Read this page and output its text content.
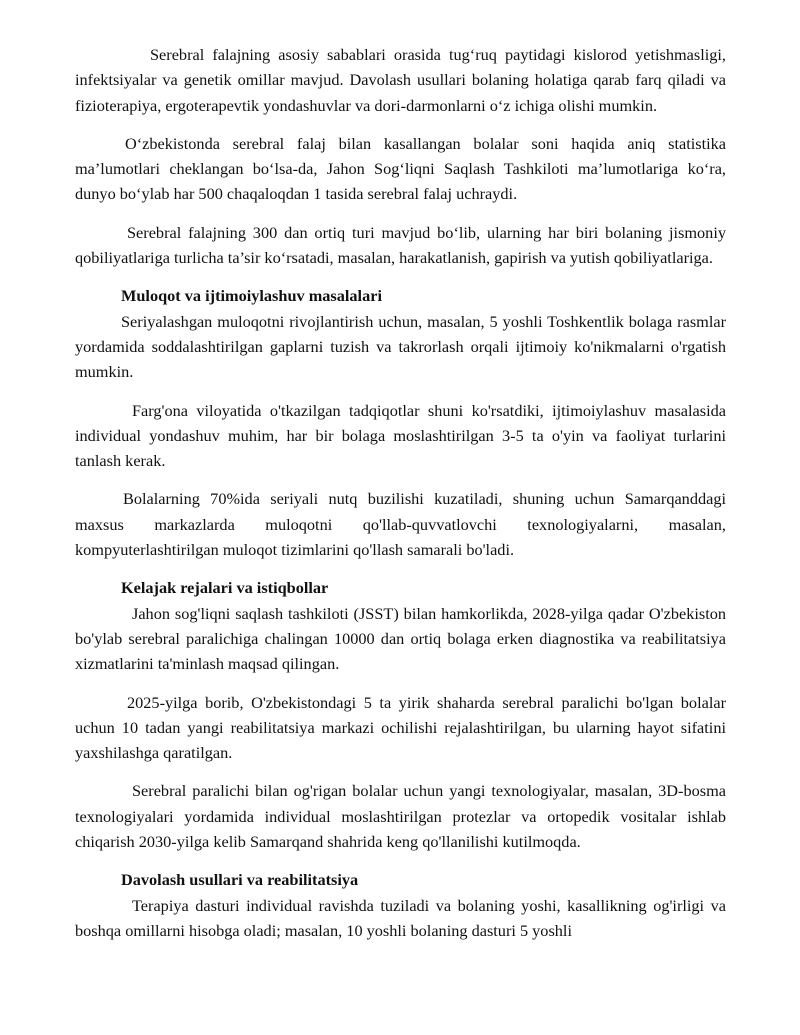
Serebral falajning asosiy sabablari orasida tug‘ruq paytidagi kislorod yetishmasligi, infektsiyalar va genetik omillar mavjud. Davolash usullari bolaning holatiga qarab farq qiladi va fizioterapiya, ergoterapevtik yondashuvlar va dori-darmonlarni o‘z ichiga olishi mumkin.

O‘zbekistonda serebral falaj bilan kasallangan bolalar soni haqida aniq statistika ma’lumotlari cheklangan bo‘lsa-da, Jahon Sog‘liqni Saqlash Tashkiloti ma’lumotlariga ko‘ra, dunyo bo‘ylab har 500 chaqaloqdan 1 tasida serebral falaj uchraydi.

Serebral falajning 300 dan ortiq turi mavjud bo‘lib, ularning har biri bolaning jismoniy qobiliyatlariga turlicha ta’sir ko‘rsatadi, masalan, harakatlanish, gapirish va yutish qobiliyatlariga.

Muloqot va ijtimoiylashuv masalalari

Seriyalashgan muloqotni rivojlantirish uchun, masalan, 5 yoshli Toshkentlik bolaga rasmlar yordamida soddalashtirilgan gaplarni tuzish va takrorlash orqali ijtimoiy ko'nikmalarni o'rgatish mumkin.

Farg'ona viloyatida o'tkazilgan tadqiqotlar shuni ko'rsatdiki, ijtimoiylashuv masalasida individual yondashuv muhim, har bir bolaga moslashtirilgan 3-5 ta o'yin va faoliyat turlarini tanlash kerak.

Bolalarning 70%ida seriyali nutq buzilishi kuzatiladi, shuning uchun Samarqanddagi maxsus markazlarda muloqotni qo'llab-quvvatlovchi texnologiyalarni, masalan, kompyuterlashtirilgan muloqot tizimlarini qo'llash samarali bo'ladi.

Kelajak rejalari va istiqbollar

Jahon sog'liqni saqlash tashkiloti (JSST) bilan hamkorlikda, 2028-yilga qadar O'zbekiston bo'ylab serebral paralichiga chalingan 10000 dan ortiq bolaga erken diagnostika va reabilitatsiya xizmatlarini ta'minlash maqsad qilingan.

2025-yilga borib, O'zbekistondagi 5 ta yirik shaharda serebral paralichi bo'lgan bolalar uchun 10 tadan yangi reabilitatsiya markazi ochilishi rejalashtirilgan, bu ularning hayot sifatini yaxshilashga qaratilgan.

Serebral paralichi bilan og'rigan bolalar uchun yangi texnologiyalar, masalan, 3D-bosma texnologiyalari yordamida individual moslashtirilgan protezlar va ortopedik vositalar ishlab chiqarish 2030-yilga kelib Samarqand shahrida keng qo'llanilishi kutilmoqda.

Davolash usullari va reabilitatsiya

Terapiya dasturi individual ravishda tuziladi va bolaning yoshi, kasallikning og'irligi va boshqa omillarni hisobga oladi; masalan, 10 yoshli bolaning dasturi 5 yoshli
